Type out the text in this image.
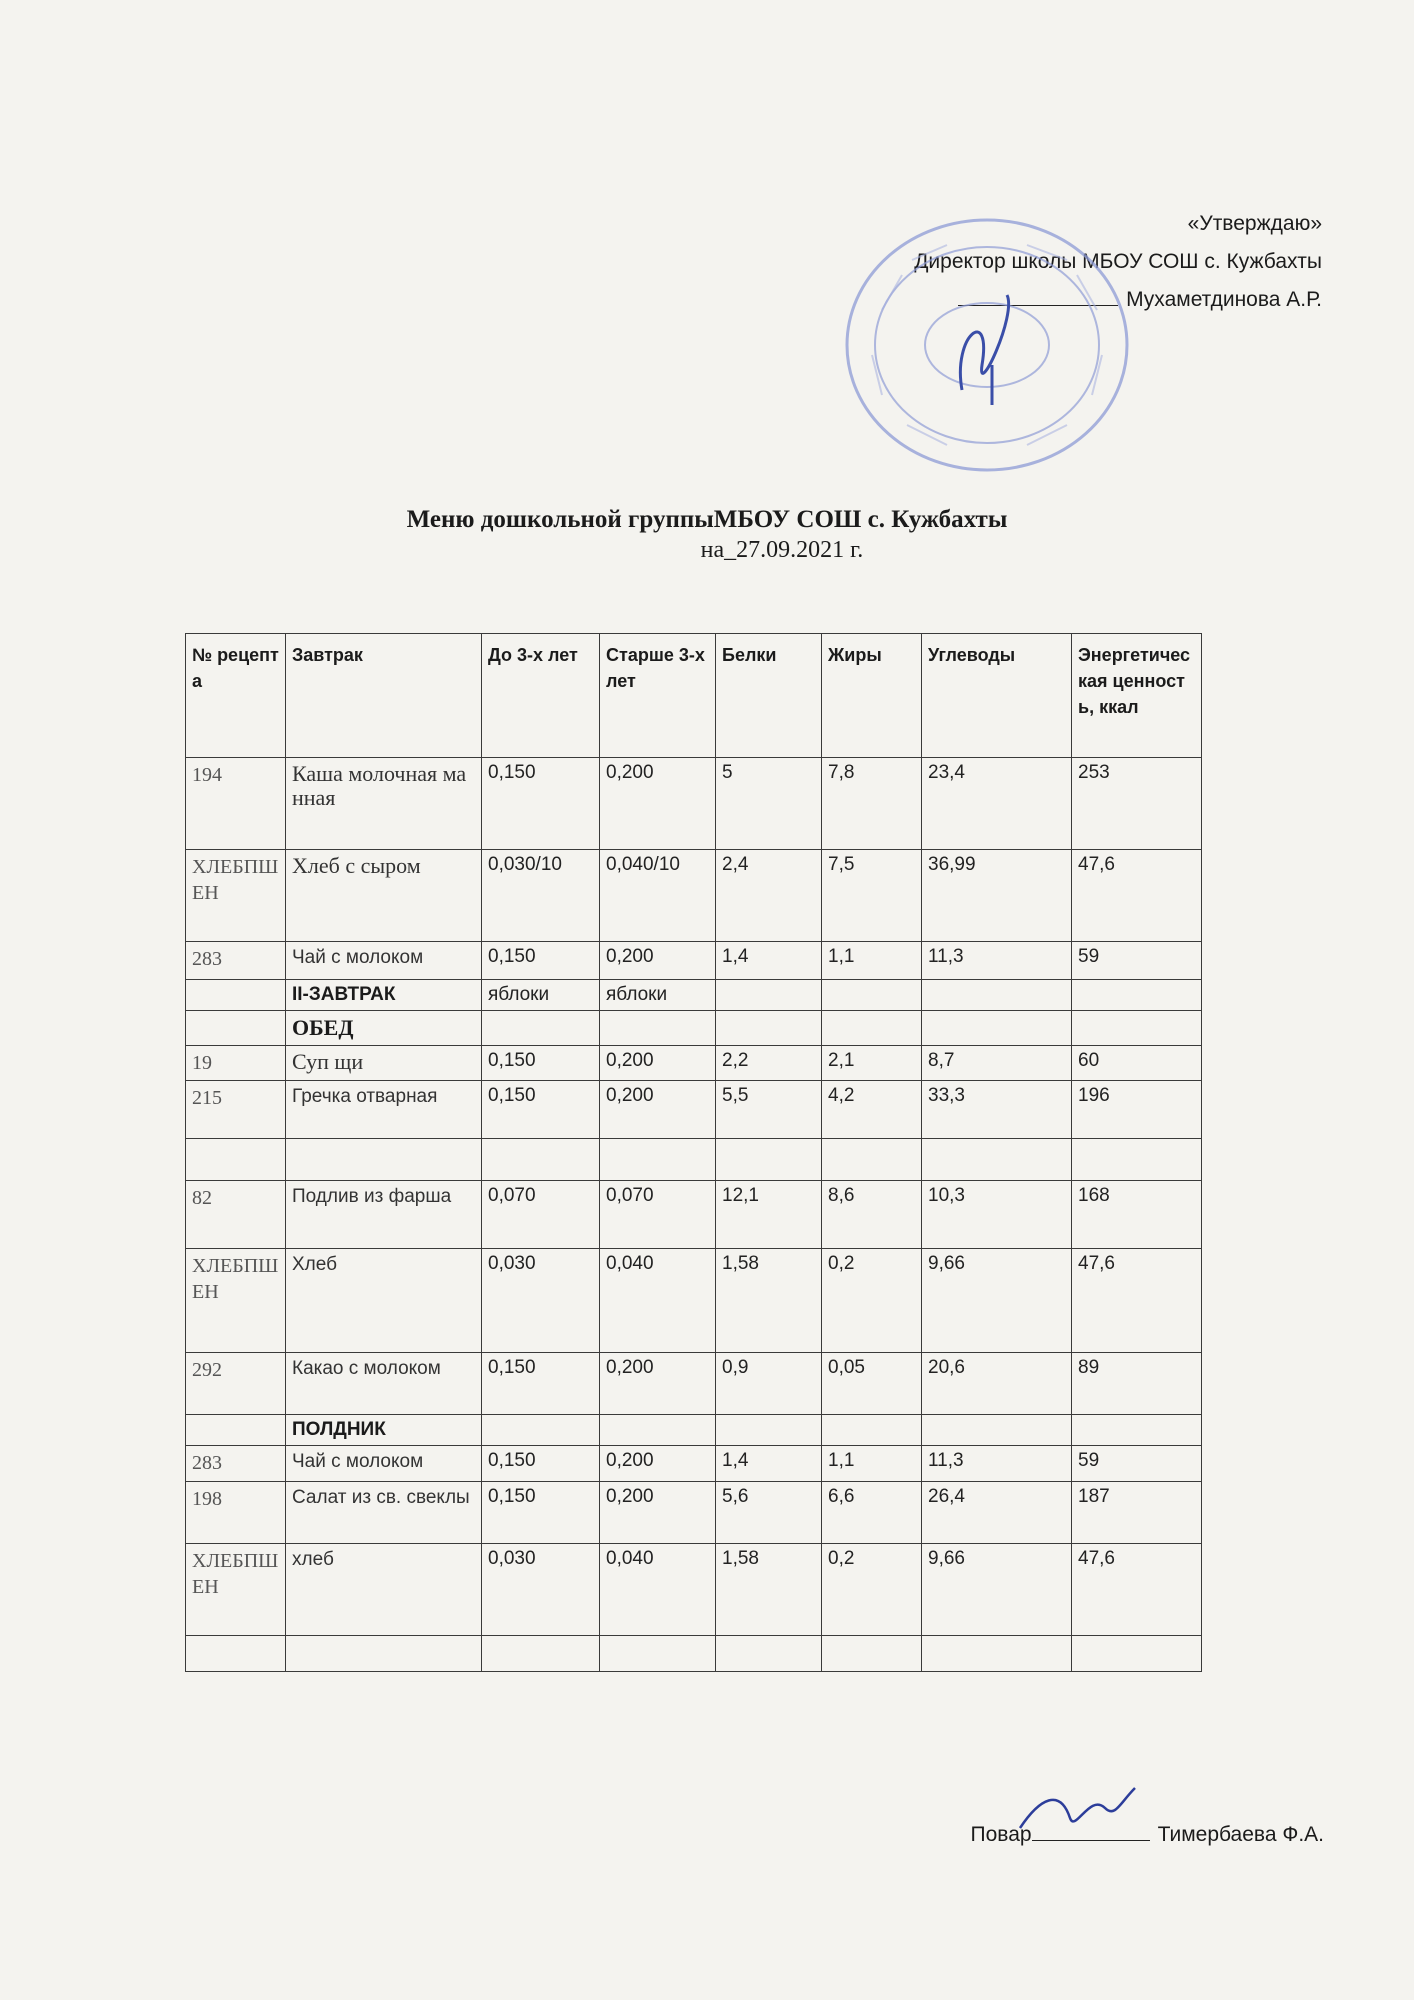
«Утверждаю»
Директор школы МБОУ СОШ с. Кужбахты
Мухаметдинова А.Р.
Меню дошкольной группыМБОУ СОШ с. Кужбахты
на_27.09.2021 г.
№ рецепта	Завтрак	До 3-х лет	Старше 3-х лет	Белки	Жиры	Углеводы	Энергетическая ценность, ккал
194	Каша молочная манная	0,150	0,200	5	7,8	23,4	253
ХЛЕБПШЕН	Хлеб с сыром	0,030/10	0,040/10	2,4	7,5	36,99	47,6
283	Чай с молоком	0,150	0,200	1,4	1,1	11,3	59
	II-ЗАВТРАК	яблоки	яблоки				
	ОБЕД						
19	Суп щи	0,150	0,200	2,2	2,1	8,7	60
215	Гречка отварная	0,150	0,200	5,5	4,2	33,3	196

82	Подлив из фарша	0,070	0,070	12,1	8,6	10,3	168
ХЛЕБПШЕН	Хлеб	0,030	0,040	1,58	0,2	9,66	47,6
292	Какао с молоком	0,150	0,200	0,9	0,05	20,6	89
	ПОЛДНИК						
283	Чай с молоком	0,150	0,200	1,4	1,1	11,3	59
198	Салат из св. свеклы	0,150	0,200	5,6	6,6	26,4	187
ХЛЕБПШЕН	хлеб	0,030	0,040	1,58	0,2	9,66	47,6

Повар	Тимербаева Ф.А.
